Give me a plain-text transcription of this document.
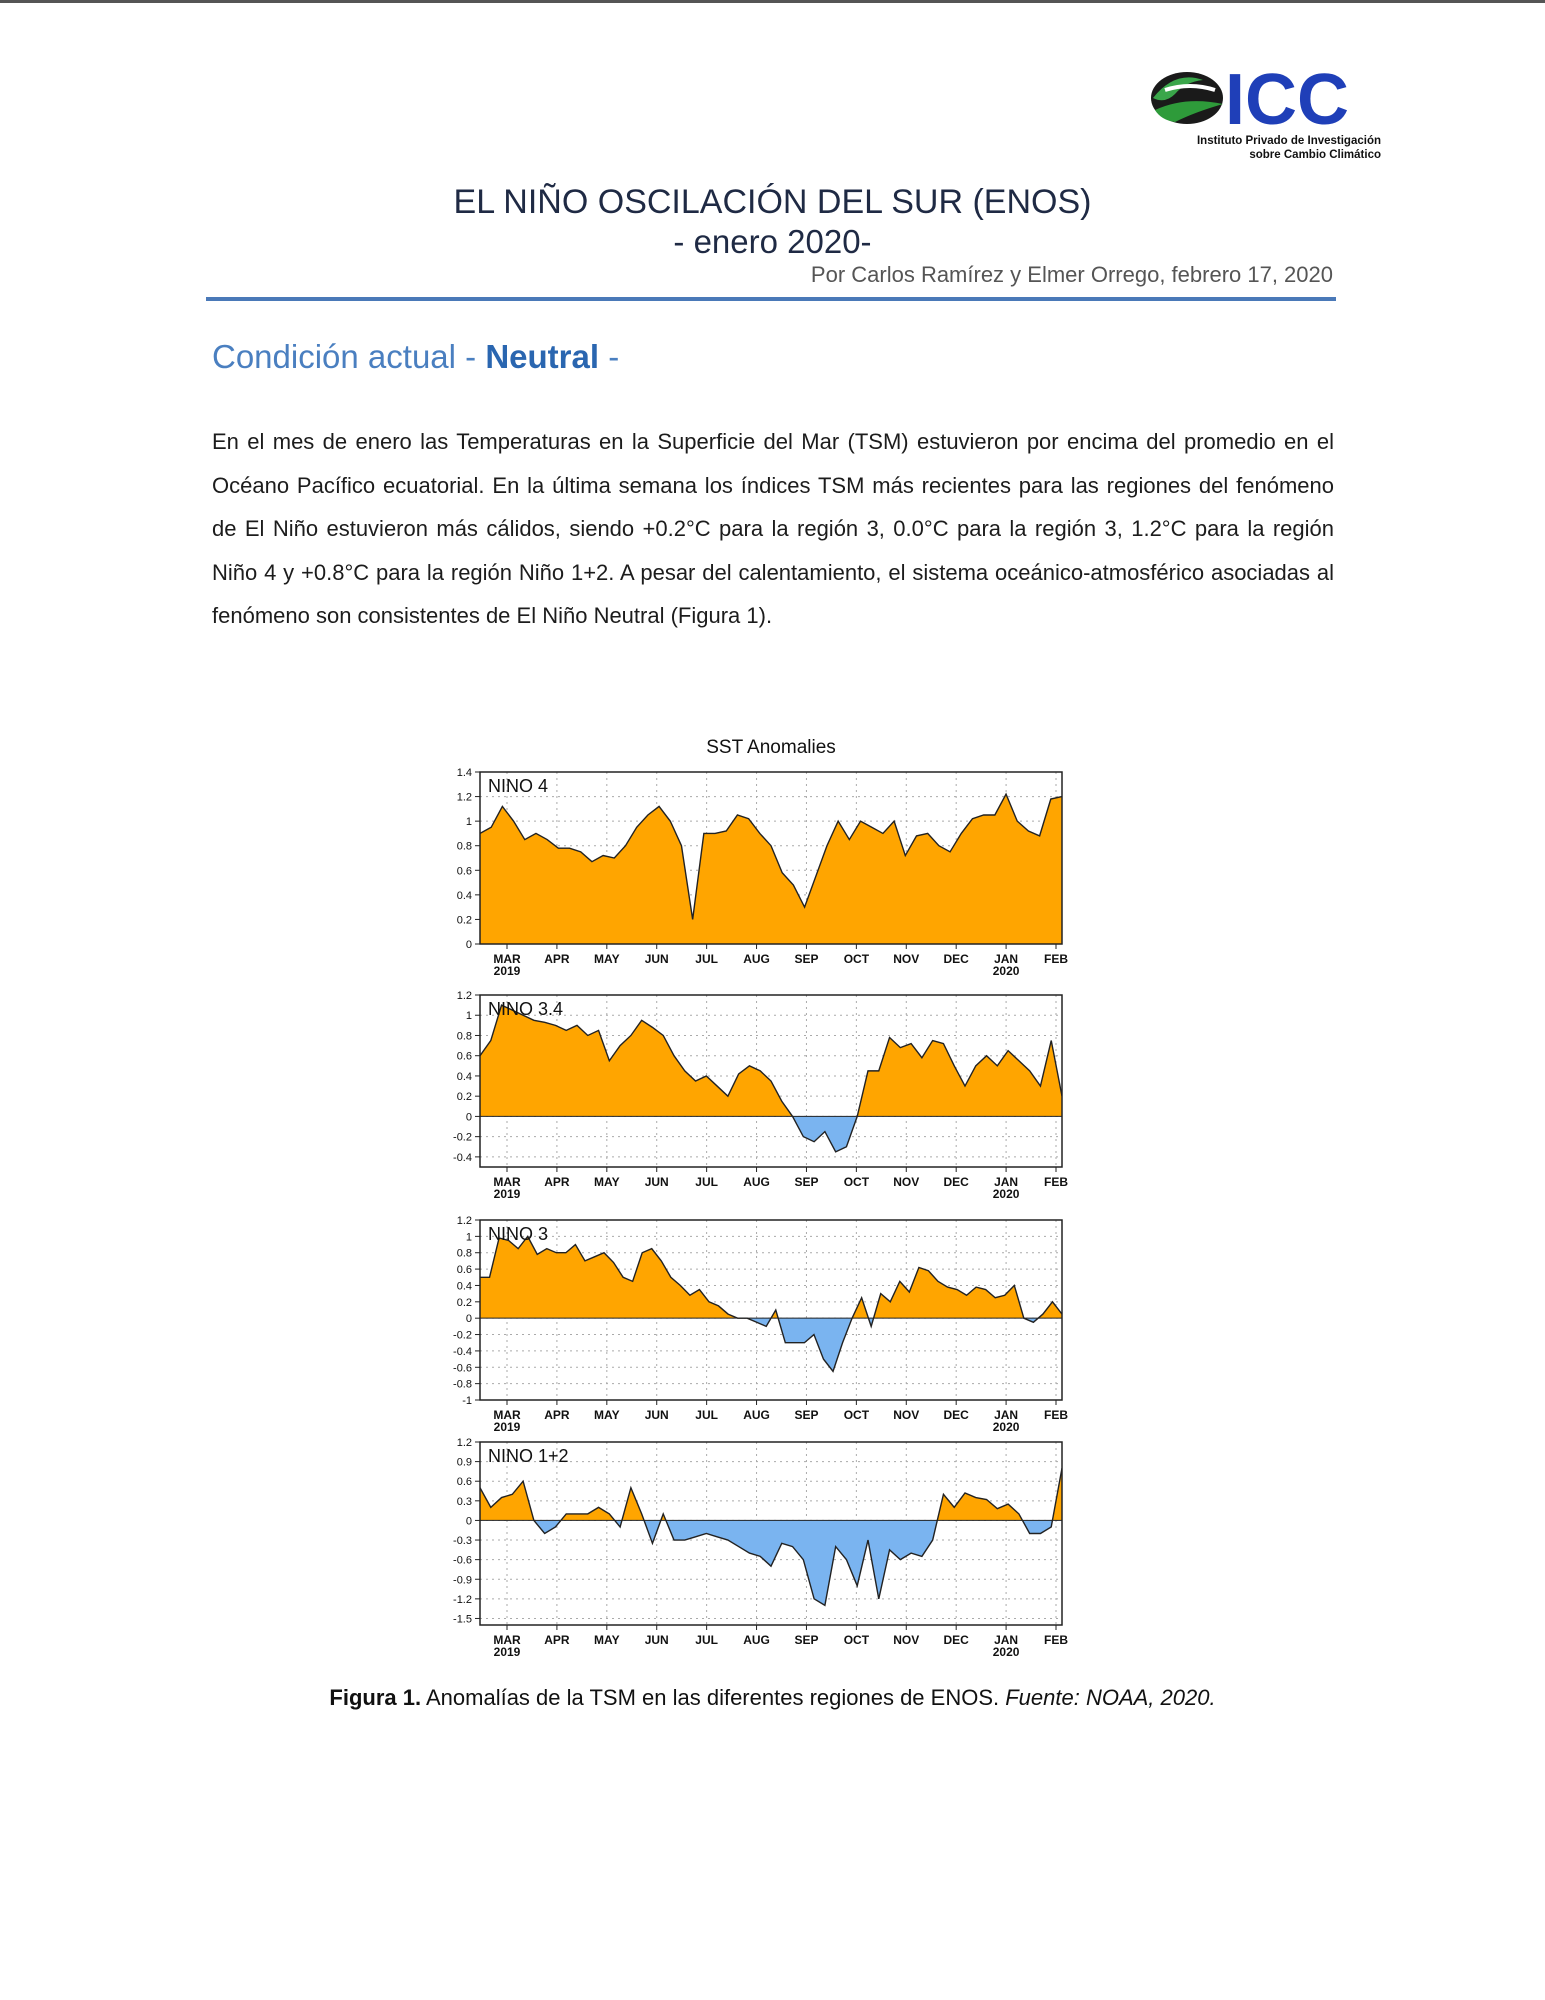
ICC
Instituto Privado de Investigación
sobre Cambio Climático
EL NIÑO OSCILACIÓN DEL SUR (ENOS)
- enero 2020-
Por Carlos Ramírez y Elmer Orrego, febrero 17, 2020
Condición actual - Neutral -
En el mes de enero las Temperaturas en la Superficie del Mar (TSM) estuvieron por encima del promedio en el Océano Pacífico ecuatorial. En la última semana los índices TSM más recientes para las regiones del fenómeno de El Niño estuvieron más cálidos, siendo +0.2°C para la región 3, 0.0°C para la región 3, 1.2°C para la región Niño 4 y +0.8°C para la región Niño 1+2. A pesar del calentamiento, el sistema oceánico-atmosférico asociadas al fenómeno son consistentes de El Niño Neutral (Figura 1).
SST Anomalies
1.4
1.2
1
0.8
0.6
0.4
0.2
0
NINO 4
MAR
2019
APR MAY JUN JUL AUG SEP OCT NOV DEC JAN
2020
FEB
1.2
1
0.8
0.6
0.4
0.2
0
-0.2
-0.4
NINO 3.4
MAR
2019
APR MAY JUN JUL AUG SEP OCT NOV DEC JAN
2020
FEB
1.2
1
0.8
0.6
0.4
0.2
0
-0.2
-0.4
-0.6
-0.8
-1
NINO 3
MAR
2019
APR MAY JUN JUL AUG SEP OCT NOV DEC JAN
2020
FEB
1.2
0.9
0.6
0.3
0
-0.3
-0.6
-0.9
-1.2
-1.5
NINO 1+2
MAR
2019
APR MAY JUN JUL AUG SEP OCT NOV DEC JAN
2020
FEB
Figura 1. Anomalías de la TSM en las diferentes regiones de ENOS. Fuente: NOAA, 2020.
